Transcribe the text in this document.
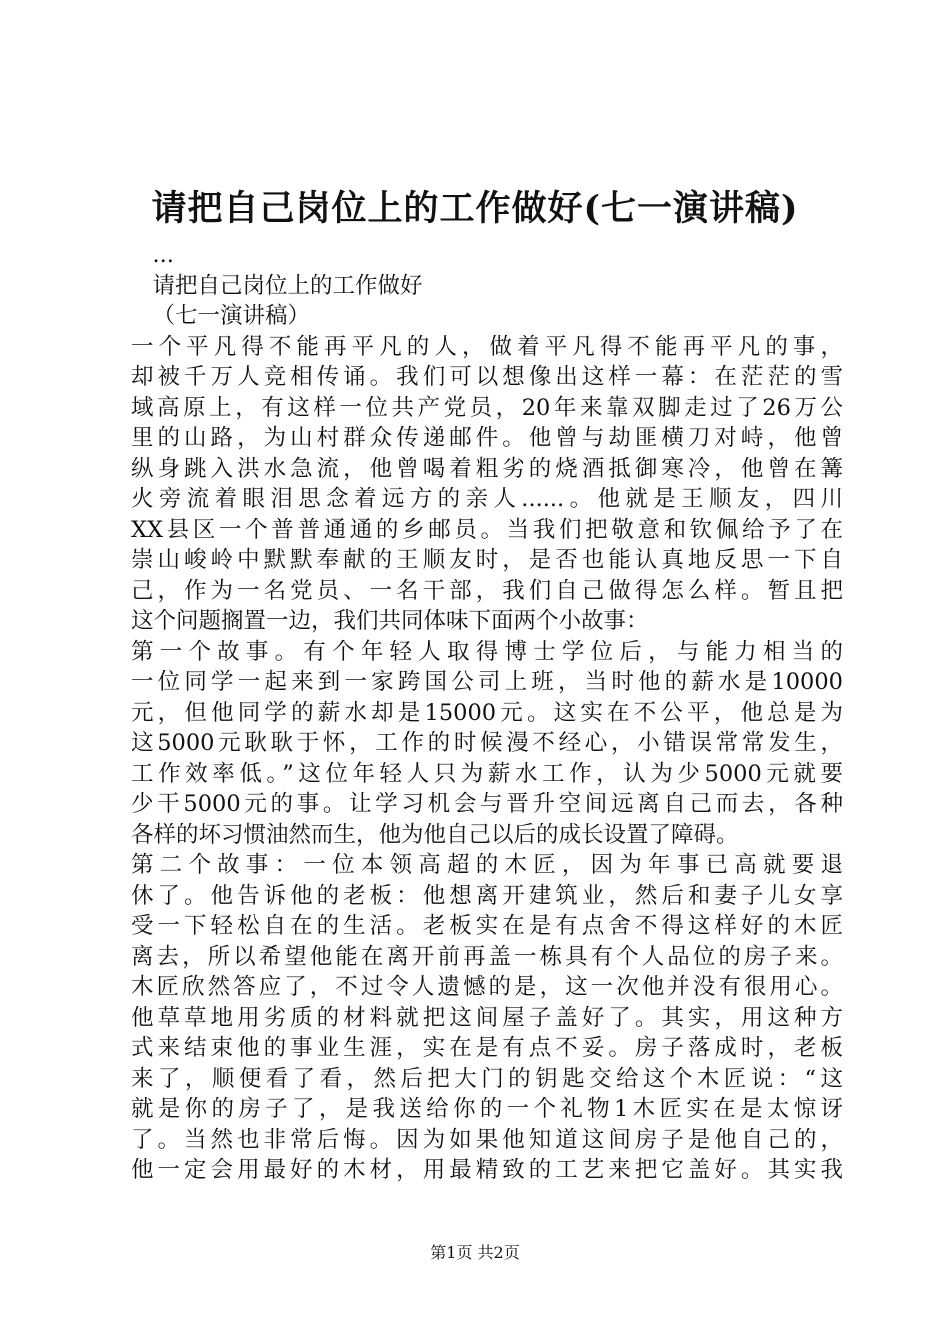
请把自己岗位上的工作做好(七一演讲稿)
...
请把自己岗位上的工作做好
（七一演讲稿）
一个平凡得不能再平凡的人，做着平凡得不能再平凡的事，
却被千万人竞相传诵。我们可以想像出这样一幕：在茫茫的雪
域高原上，有这样一位共产党员，20年来靠双脚走过了26万公
里的山路，为山村群众传递邮件。他曾与劫匪横刀对峙，他曾
纵身跳入洪水急流，他曾喝着粗劣的烧酒抵御寒冷，他曾在篝
火旁流着眼泪思念着远方的亲人......。他就是王顺友，四川
XX县区一个普普通通的乡邮员。当我们把敬意和钦佩给予了在
崇山峻岭中默默奉献的王顺友时，是否也能认真地反思一下自
己，作为一名党员、一名干部，我们自己做得怎么样。暂且把
这个问题搁置一边，我们共同体味下面两个小故事：
第一个故事。有个年轻人取得博士学位后，与能力相当的
一位同学一起来到一家跨国公司上班，当时他的薪水是10000
元，但他同学的薪水却是15000元。这实在不公平，他总是为
这5000元耿耿于怀，工作的时候漫不经心，小错误常常发生，
工作效率低。”这位年轻人只为薪水工作，认为少5000元就要
少干5000元的事。让学习机会与晋升空间远离自己而去，各种
各样的坏习惯油然而生，他为他自己以后的成长设置了障碍。
第二个故事：一位本领高超的木匠，因为年事已高就要退
休了。他告诉他的老板：他想离开建筑业，然后和妻子儿女享
受一下轻松自在的生活。老板实在是有点舍不得这样好的木匠
离去，所以希望他能在离开前再盖一栋具有个人品位的房子来。
木匠欣然答应了，不过令人遗憾的是，这一次他并没有很用心。
他草草地用劣质的材料就把这间屋子盖好了。其实，用这种方
式来结束他的事业生涯，实在是有点不妥。房子落成时，老板
来了，顺便看了看，然后把大门的钥匙交给这个木匠说：“这
就是你的房子了，是我送给你的一个礼物1木匠实在是太惊讶
了。当然也非常后悔。因为如果他知道这间房子是他自己的，
他一定会用最好的木材，用最精致的工艺来把它盖好。其实我
第1页 共2页
